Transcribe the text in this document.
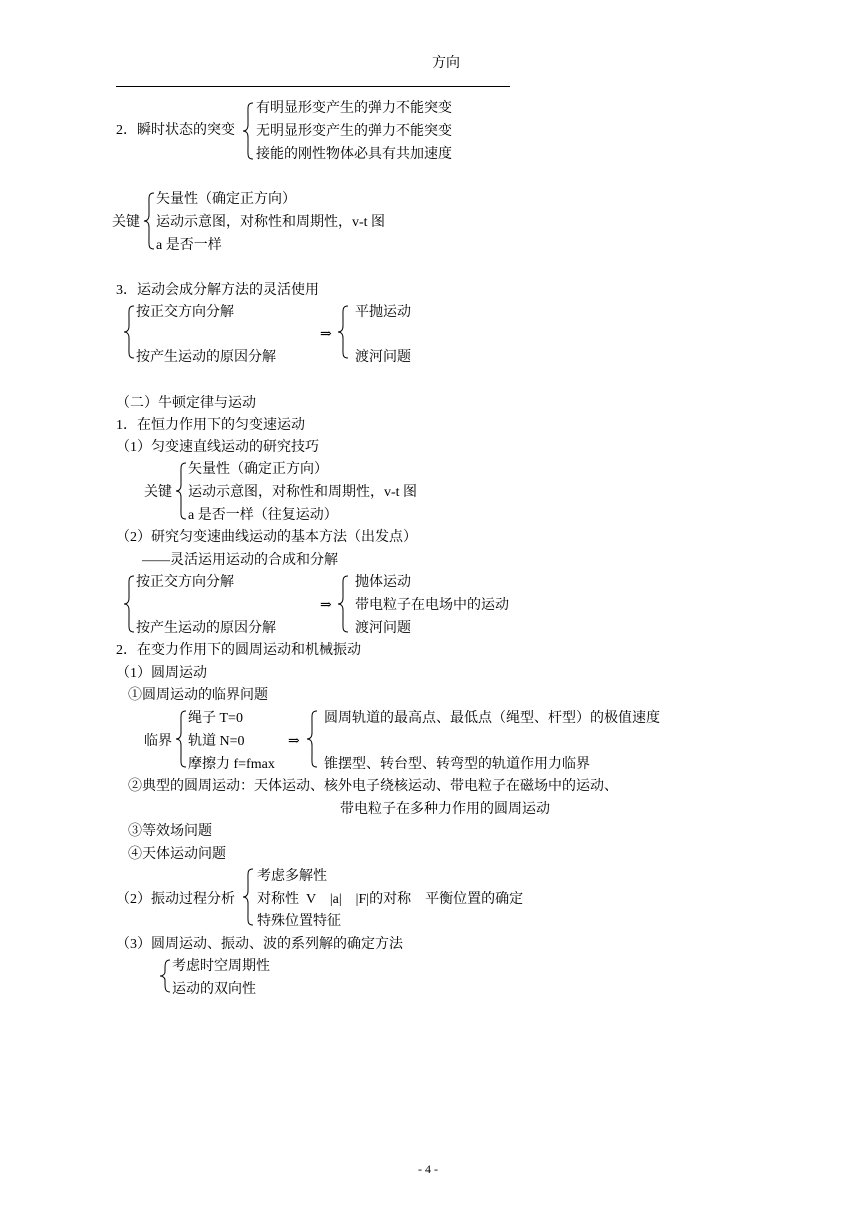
方向
2．瞬时状态的突变
有明显形变产生的弹力不能突变
无明显形变产生的弹力不能突变
接能的刚性物体必具有共加速度
关键
矢量性（确定正方向）
运动示意图，对称性和周期性，v-t 图
a 是否一样
3．运动会成分解方法的灵活使用
按正交方向分解
按产生运动的原因分解
⇒
平抛运动
渡河问题
（二）牛顿定律与运动
1．在恒力作用下的匀变速运动
（1）匀变速直线运动的研究技巧
关键
矢量性（确定正方向）
运动示意图，对称性和周期性，v-t 图
a 是否一样（往复运动）
（2）研究匀变速曲线运动的基本方法（出发点）
——灵活运用运动的合成和分解
按正交方向分解
按产生运动的原因分解
⇒
抛体运动
带电粒子在电场中的运动
渡河问题
2．在变力作用下的圆周运动和机械振动
（1）圆周运动
①圆周运动的临界问题
临界
绳子 T=0
轨道 N=0
摩擦力 f=fmax
⇒
圆周轨道的最高点、最低点（绳型、杆型）的极值速度
锥摆型、转台型、转弯型的轨道作用力临界
②典型的圆周运动：天体运动、核外电子绕核运动、带电粒子在磁场中的运动、
带电粒子在多种力作用的圆周运动
③等效场问题
④天体运动问题
（2）振动过程分析
考虑多解性
对称性  V    |a|    |F|的对称    平衡位置的确定
特殊位置特征
（3）圆周运动、振动、波的系列解的确定方法
考虑时空周期性
运动的双向性
- 4 -
